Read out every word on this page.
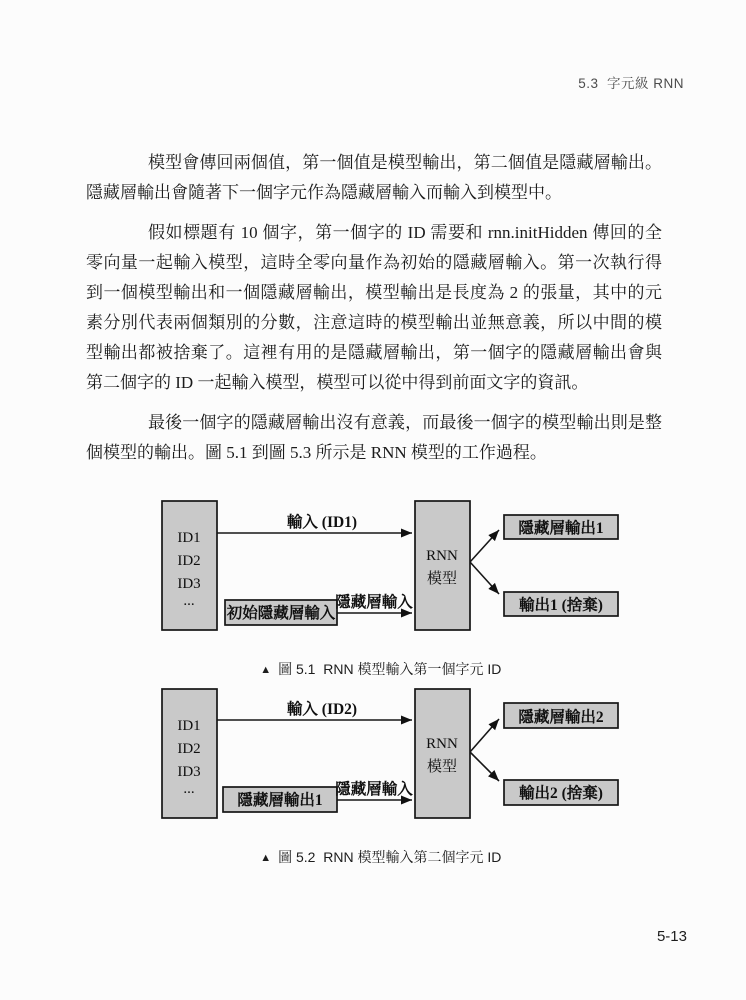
5.3  字元級 RNN

模型會傳回兩個值，第一個值是模型輸出，第二個值是隱藏層輸出。隱藏層輸出會隨著下一個字元作為隱藏層輸入而輸入到模型中。

假如標題有 10 個字，第一個字的 ID 需要和 rnn.initHidden 傳回的全零向量一起輸入模型，這時全零向量作為初始的隱藏層輸入。第一次執行得到一個模型輸出和一個隱藏層輸出，模型輸出是長度為 2 的張量，其中的元素分別代表兩個類別的分數，注意這時的模型輸出並無意義，所以中間的模型輸出都被捨棄了。這裡有用的是隱藏層輸出，第一個字的隱藏層輸出會與第二個字的 ID 一起輸入模型，模型可以從中得到前面文字的資訊。

最後一個字的隱藏層輸出沒有意義，而最後一個字的模型輸出則是整個模型的輸出。圖 5.1 到圖 5.3 所示是 RNN 模型的工作過程。

ID1
ID2
ID3
...
RNN
模型
輸入 (ID1)
初始隱藏層輸入
隱藏層輸入
隱藏層輸出1
輸出1 (捨棄)

▲ 圖 5.1  RNN 模型輸入第一個字元 ID

ID1
ID2
ID3
...
RNN
模型
輸入 (ID2)
隱藏層輸出1
隱藏層輸入
隱藏層輸出2
輸出2 (捨棄)

▲ 圖 5.2  RNN 模型輸入第二個字元 ID

5-13
